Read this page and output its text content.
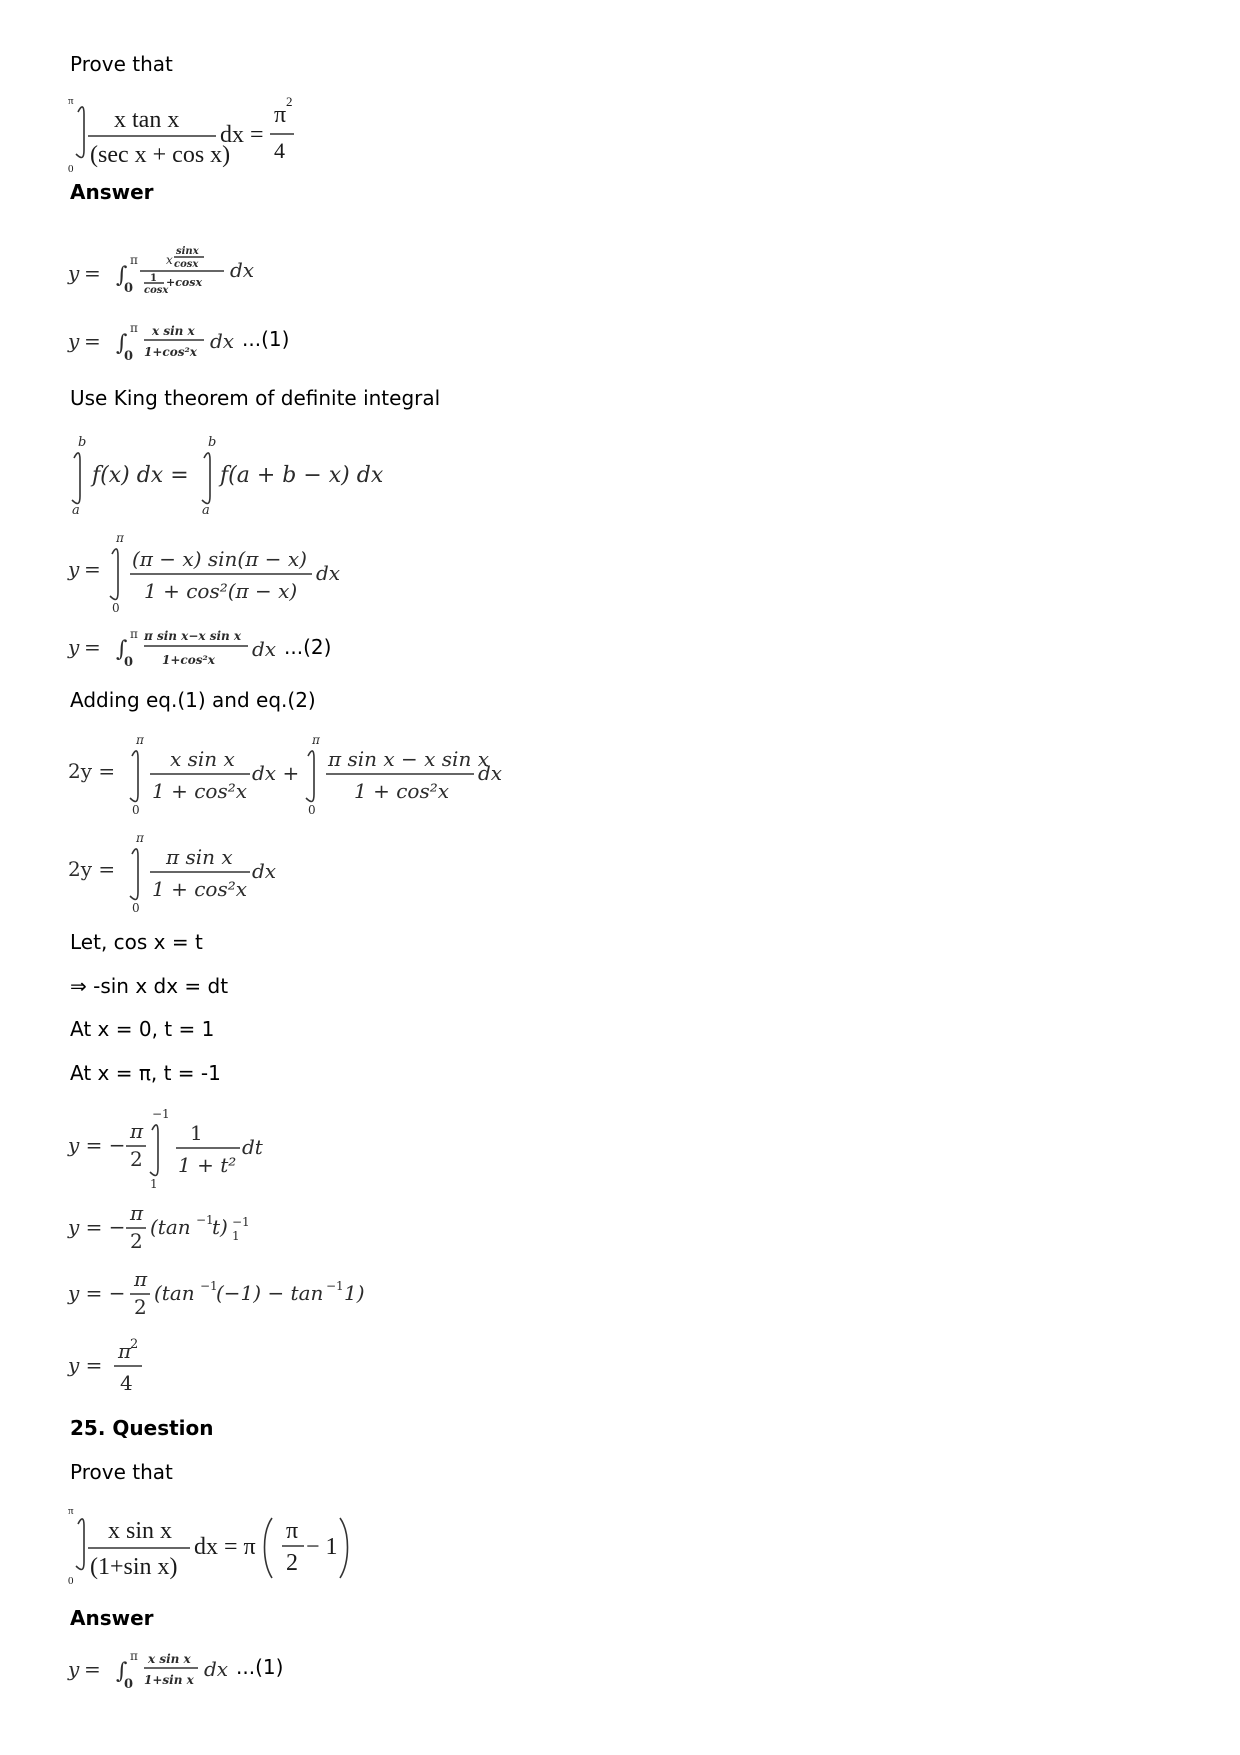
Prove that
π
0
x tan x
(sec x + cos x)
dx =
π
2
4
Answer
y = ∫
π
0
x
sinx
cosx
1
cosx
+cosx
dx
y = ∫
π
0
x sin x
1+cos²x dx ...(1)
Use King theorem of definite integral
b
a
f(x) dx =
b
a
f(a + b − x) dx
y =
π
0
(π − x) sin(π − x)
1 + cos²(π − x)
dx
y = ∫
π
0
π sin x−x sin x
1+cos²x dx ...(2)
Adding eq.(1) and eq.(2)
2y =
π
0
x sin x
1 + cos²x
dx +
π
0
π sin x − x sin x
1 + cos²x
dx
2y =
π
0
π sin x
1 + cos²x
dx
Let, cos x = t
⇒ -sin x dx = dt
At x = 0, t = 1
At x = π, t = -1
y = −
π
2
−1
1
1
1 + t²
dt
y = −
π
2
(tan −1
t) −1
1
y = −
π
2
(tan −1
(−1) − tan −1 1)
y =
π
2
4
25. Question
Prove that
π
0
x sin x
(1+sin x)
dx = π
π
2
− 1
Answer
y = ∫
π
0
x sin x
1+sin x dx ...(1)
